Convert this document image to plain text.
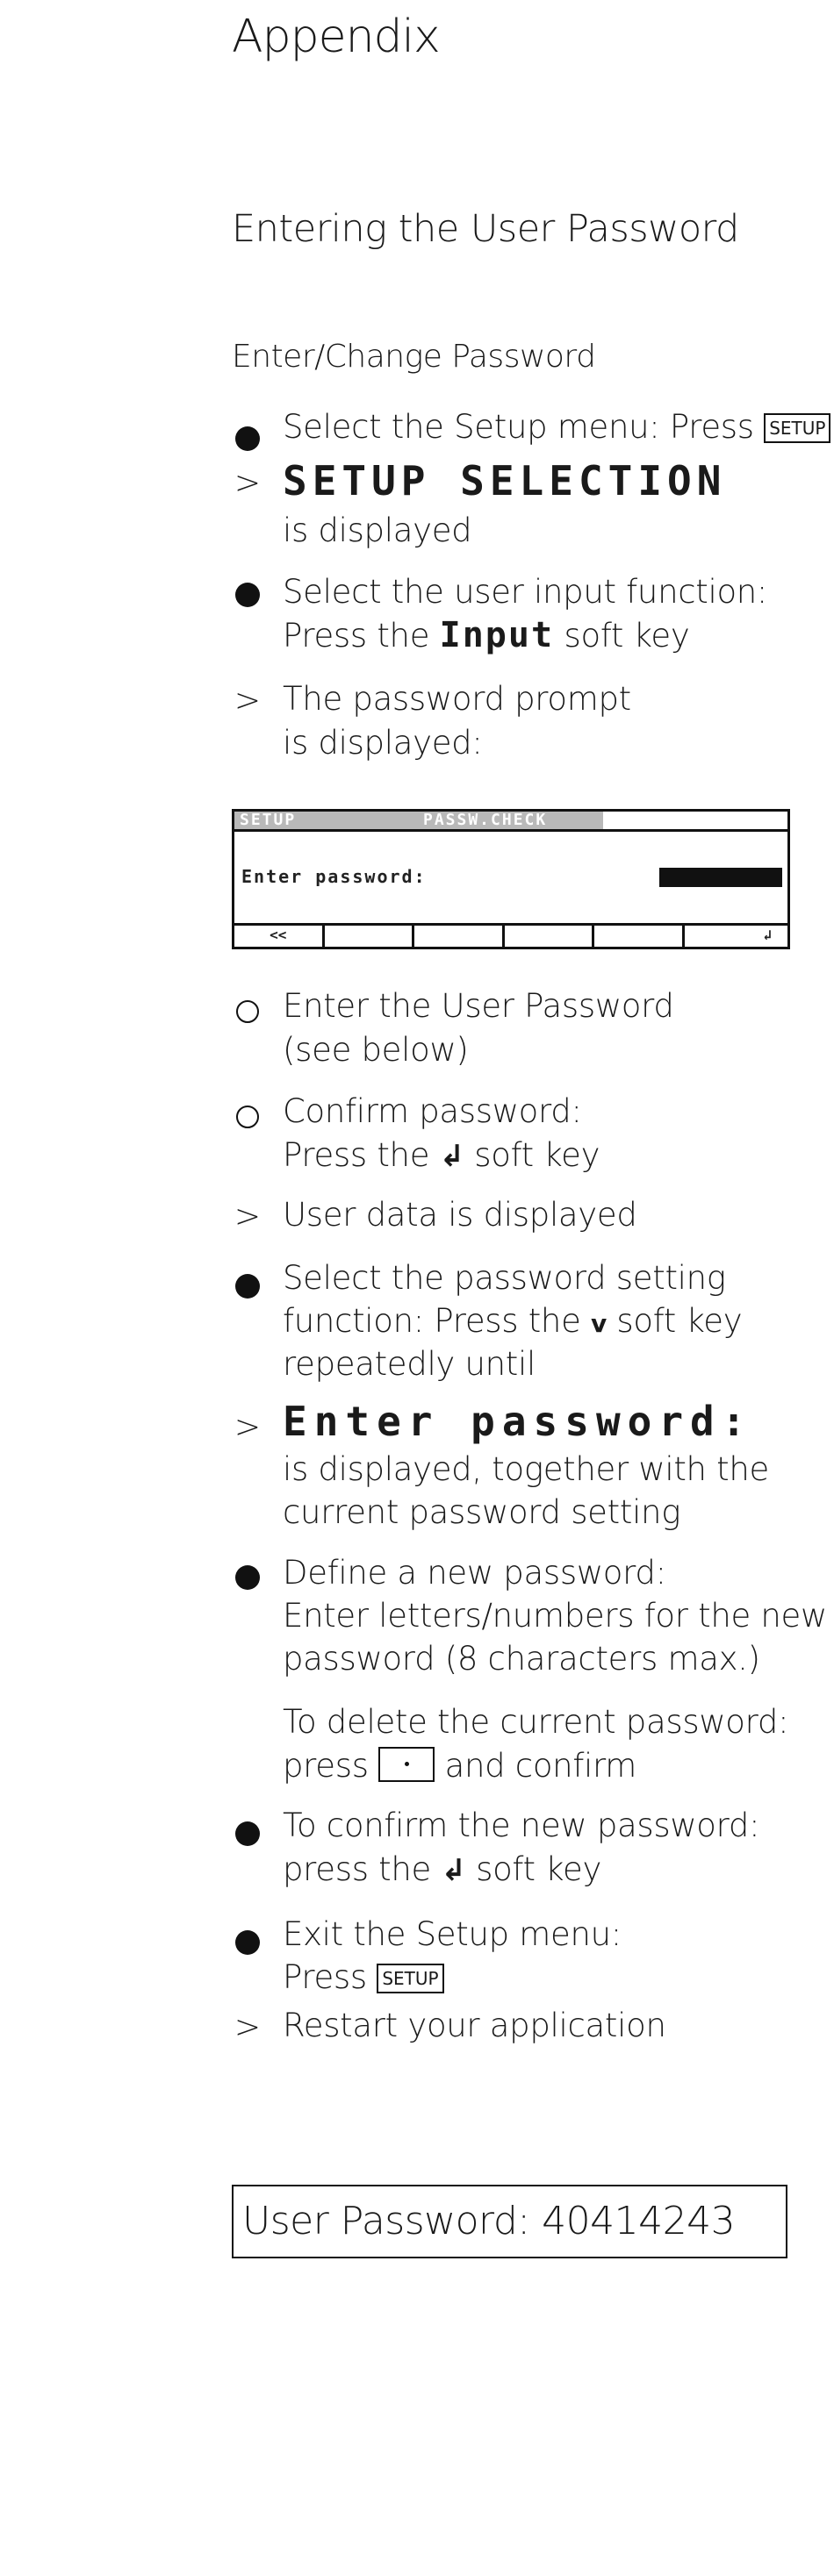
Appendix
Entering the User Password
Enter/Change Password
Select the Setup menu: Press SETUP
> SETUP SELECTION
is displayed
Select the user input function:
Press the Input soft key
> The password prompt
is displayed:
SETUP	PASSW.CHECK
Enter password:
<<	↲
Enter the User Password
(see below)
Confirm password:
Press the ↲ soft key
> User data is displayed
Select the password setting
function: Press the v soft key
repeatedly until
> Enter password:
is displayed, together with the
current password setting
Define a new password:
Enter letters/numbers for the new
password (8 characters max.)
To delete the current password:
press
and confirm
To confirm the new password:
press the ↲ soft key
Exit the Setup menu:
Press SETUP
> Restart your application
User Password: 40414243
